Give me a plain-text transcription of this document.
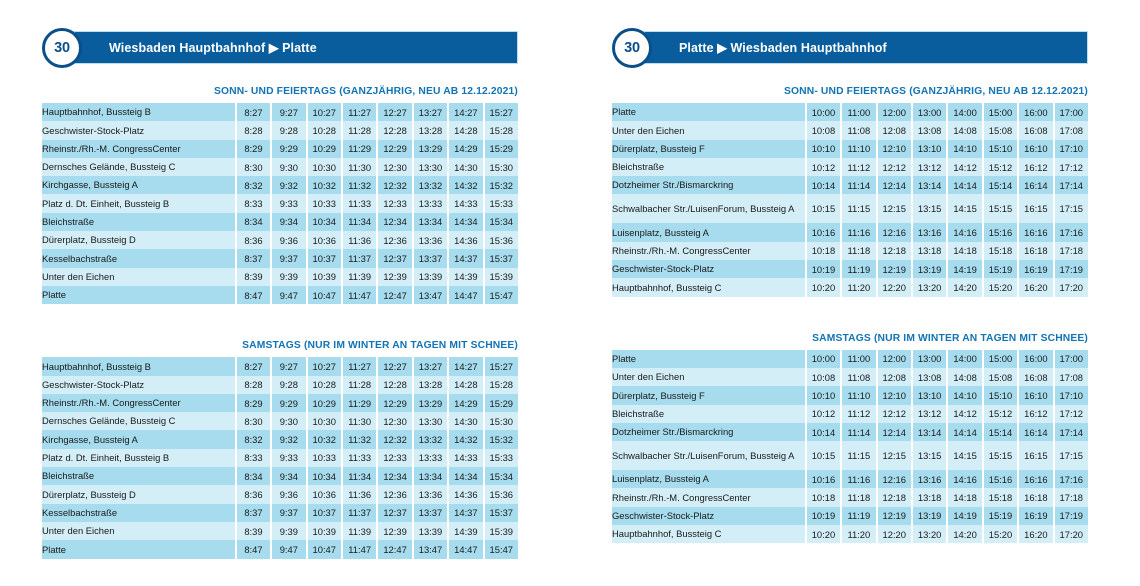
Wiesbaden Hauptbahnhof ▶ Platte
30
SONN- UND FEIERTAGS (GANZJÄHRIG, NEU AB 12.12.2021)
Hauptbahnhof, Bussteig B	8:27	9:27	10:27	11:27	12:27	13:27	14:27	15:27
Geschwister-Stock-Platz	8:28	9:28	10:28	11:28	12:28	13:28	14:28	15:28
Rheinstr./Rh.-M. CongressCenter	8:29	9:29	10:29	11:29	12:29	13:29	14:29	15:29
Dernsches Gelände, Bussteig C	8:30	9:30	10:30	11:30	12:30	13:30	14:30	15:30
Kirchgasse, Bussteig A	8:32	9:32	10:32	11:32	12:32	13:32	14:32	15:32
Platz d. Dt. Einheit, Bussteig B	8:33	9:33	10:33	11:33	12:33	13:33	14:33	15:33
Bleichstraße	8:34	9:34	10:34	11:34	12:34	13:34	14:34	15:34
Dürerplatz, Bussteig D	8:36	9:36	10:36	11:36	12:36	13:36	14:36	15:36
Kesselbachstraße	8:37	9:37	10:37	11:37	12:37	13:37	14:37	15:37
Unter den Eichen	8:39	9:39	10:39	11:39	12:39	13:39	14:39	15:39
Platte	8:47	9:47	10:47	11:47	12:47	13:47	14:47	15:47
SAMSTAGS (NUR IM WINTER AN TAGEN MIT SCHNEE)
Hauptbahnhof, Bussteig B	8:27	9:27	10:27	11:27	12:27	13:27	14:27	15:27
Geschwister-Stock-Platz	8:28	9:28	10:28	11:28	12:28	13:28	14:28	15:28
Rheinstr./Rh.-M. CongressCenter	8:29	9:29	10:29	11:29	12:29	13:29	14:29	15:29
Dernsches Gelände, Bussteig C	8:30	9:30	10:30	11:30	12:30	13:30	14:30	15:30
Kirchgasse, Bussteig A	8:32	9:32	10:32	11:32	12:32	13:32	14:32	15:32
Platz d. Dt. Einheit, Bussteig B	8:33	9:33	10:33	11:33	12:33	13:33	14:33	15:33
Bleichstraße	8:34	9:34	10:34	11:34	12:34	13:34	14:34	15:34
Dürerplatz, Bussteig D	8:36	9:36	10:36	11:36	12:36	13:36	14:36	15:36
Kesselbachstraße	8:37	9:37	10:37	11:37	12:37	13:37	14:37	15:37
Unter den Eichen	8:39	9:39	10:39	11:39	12:39	13:39	14:39	15:39
Platte	8:47	9:47	10:47	11:47	12:47	13:47	14:47	15:47
Platte ▶ Wiesbaden Hauptbahnhof
30
SONN- UND FEIERTAGS (GANZJÄHRIG, NEU AB 12.12.2021)
Platte	10:00	11:00	12:00	13:00	14:00	15:00	16:00	17:00
Unter den Eichen	10:08	11:08	12:08	13:08	14:08	15:08	16:08	17:08
Dürerplatz, Bussteig F	10:10	11:10	12:10	13:10	14:10	15:10	16:10	17:10
Bleichstraße	10:12	11:12	12:12	13:12	14:12	15:12	16:12	17:12
Dotzheimer Str./Bismarckring	10:14	11:14	12:14	13:14	14:14	15:14	16:14	17:14
Schwalbacher Str./LuisenForum, Bussteig A	10:15	11:15	12:15	13:15	14:15	15:15	16:15	17:15
Luisenplatz, Bussteig A	10:16	11:16	12:16	13:16	14:16	15:16	16:16	17:16
Rheinstr./Rh.-M. CongressCenter	10:18	11:18	12:18	13:18	14:18	15:18	16:18	17:18
Geschwister-Stock-Platz	10:19	11:19	12:19	13:19	14:19	15:19	16:19	17:19
Hauptbahnhof, Bussteig C	10:20	11:20	12:20	13:20	14:20	15:20	16:20	17:20
SAMSTAGS (NUR IM WINTER AN TAGEN MIT SCHNEE)
Platte	10:00	11:00	12:00	13:00	14:00	15:00	16:00	17:00
Unter den Eichen	10:08	11:08	12:08	13:08	14:08	15:08	16:08	17:08
Dürerplatz, Bussteig F	10:10	11:10	12:10	13:10	14:10	15:10	16:10	17:10
Bleichstraße	10:12	11:12	12:12	13:12	14:12	15:12	16:12	17:12
Dotzheimer Str./Bismarckring	10:14	11:14	12:14	13:14	14:14	15:14	16:14	17:14
Schwalbacher Str./LuisenForum, Bussteig A	10:15	11:15	12:15	13:15	14:15	15:15	16:15	17:15
Luisenplatz, Bussteig A	10:16	11:16	12:16	13:16	14:16	15:16	16:16	17:16
Rheinstr./Rh.-M. CongressCenter	10:18	11:18	12:18	13:18	14:18	15:18	16:18	17:18
Geschwister-Stock-Platz	10:19	11:19	12:19	13:19	14:19	15:19	16:19	17:19
Hauptbahnhof, Bussteig C	10:20	11:20	12:20	13:20	14:20	15:20	16:20	17:20
